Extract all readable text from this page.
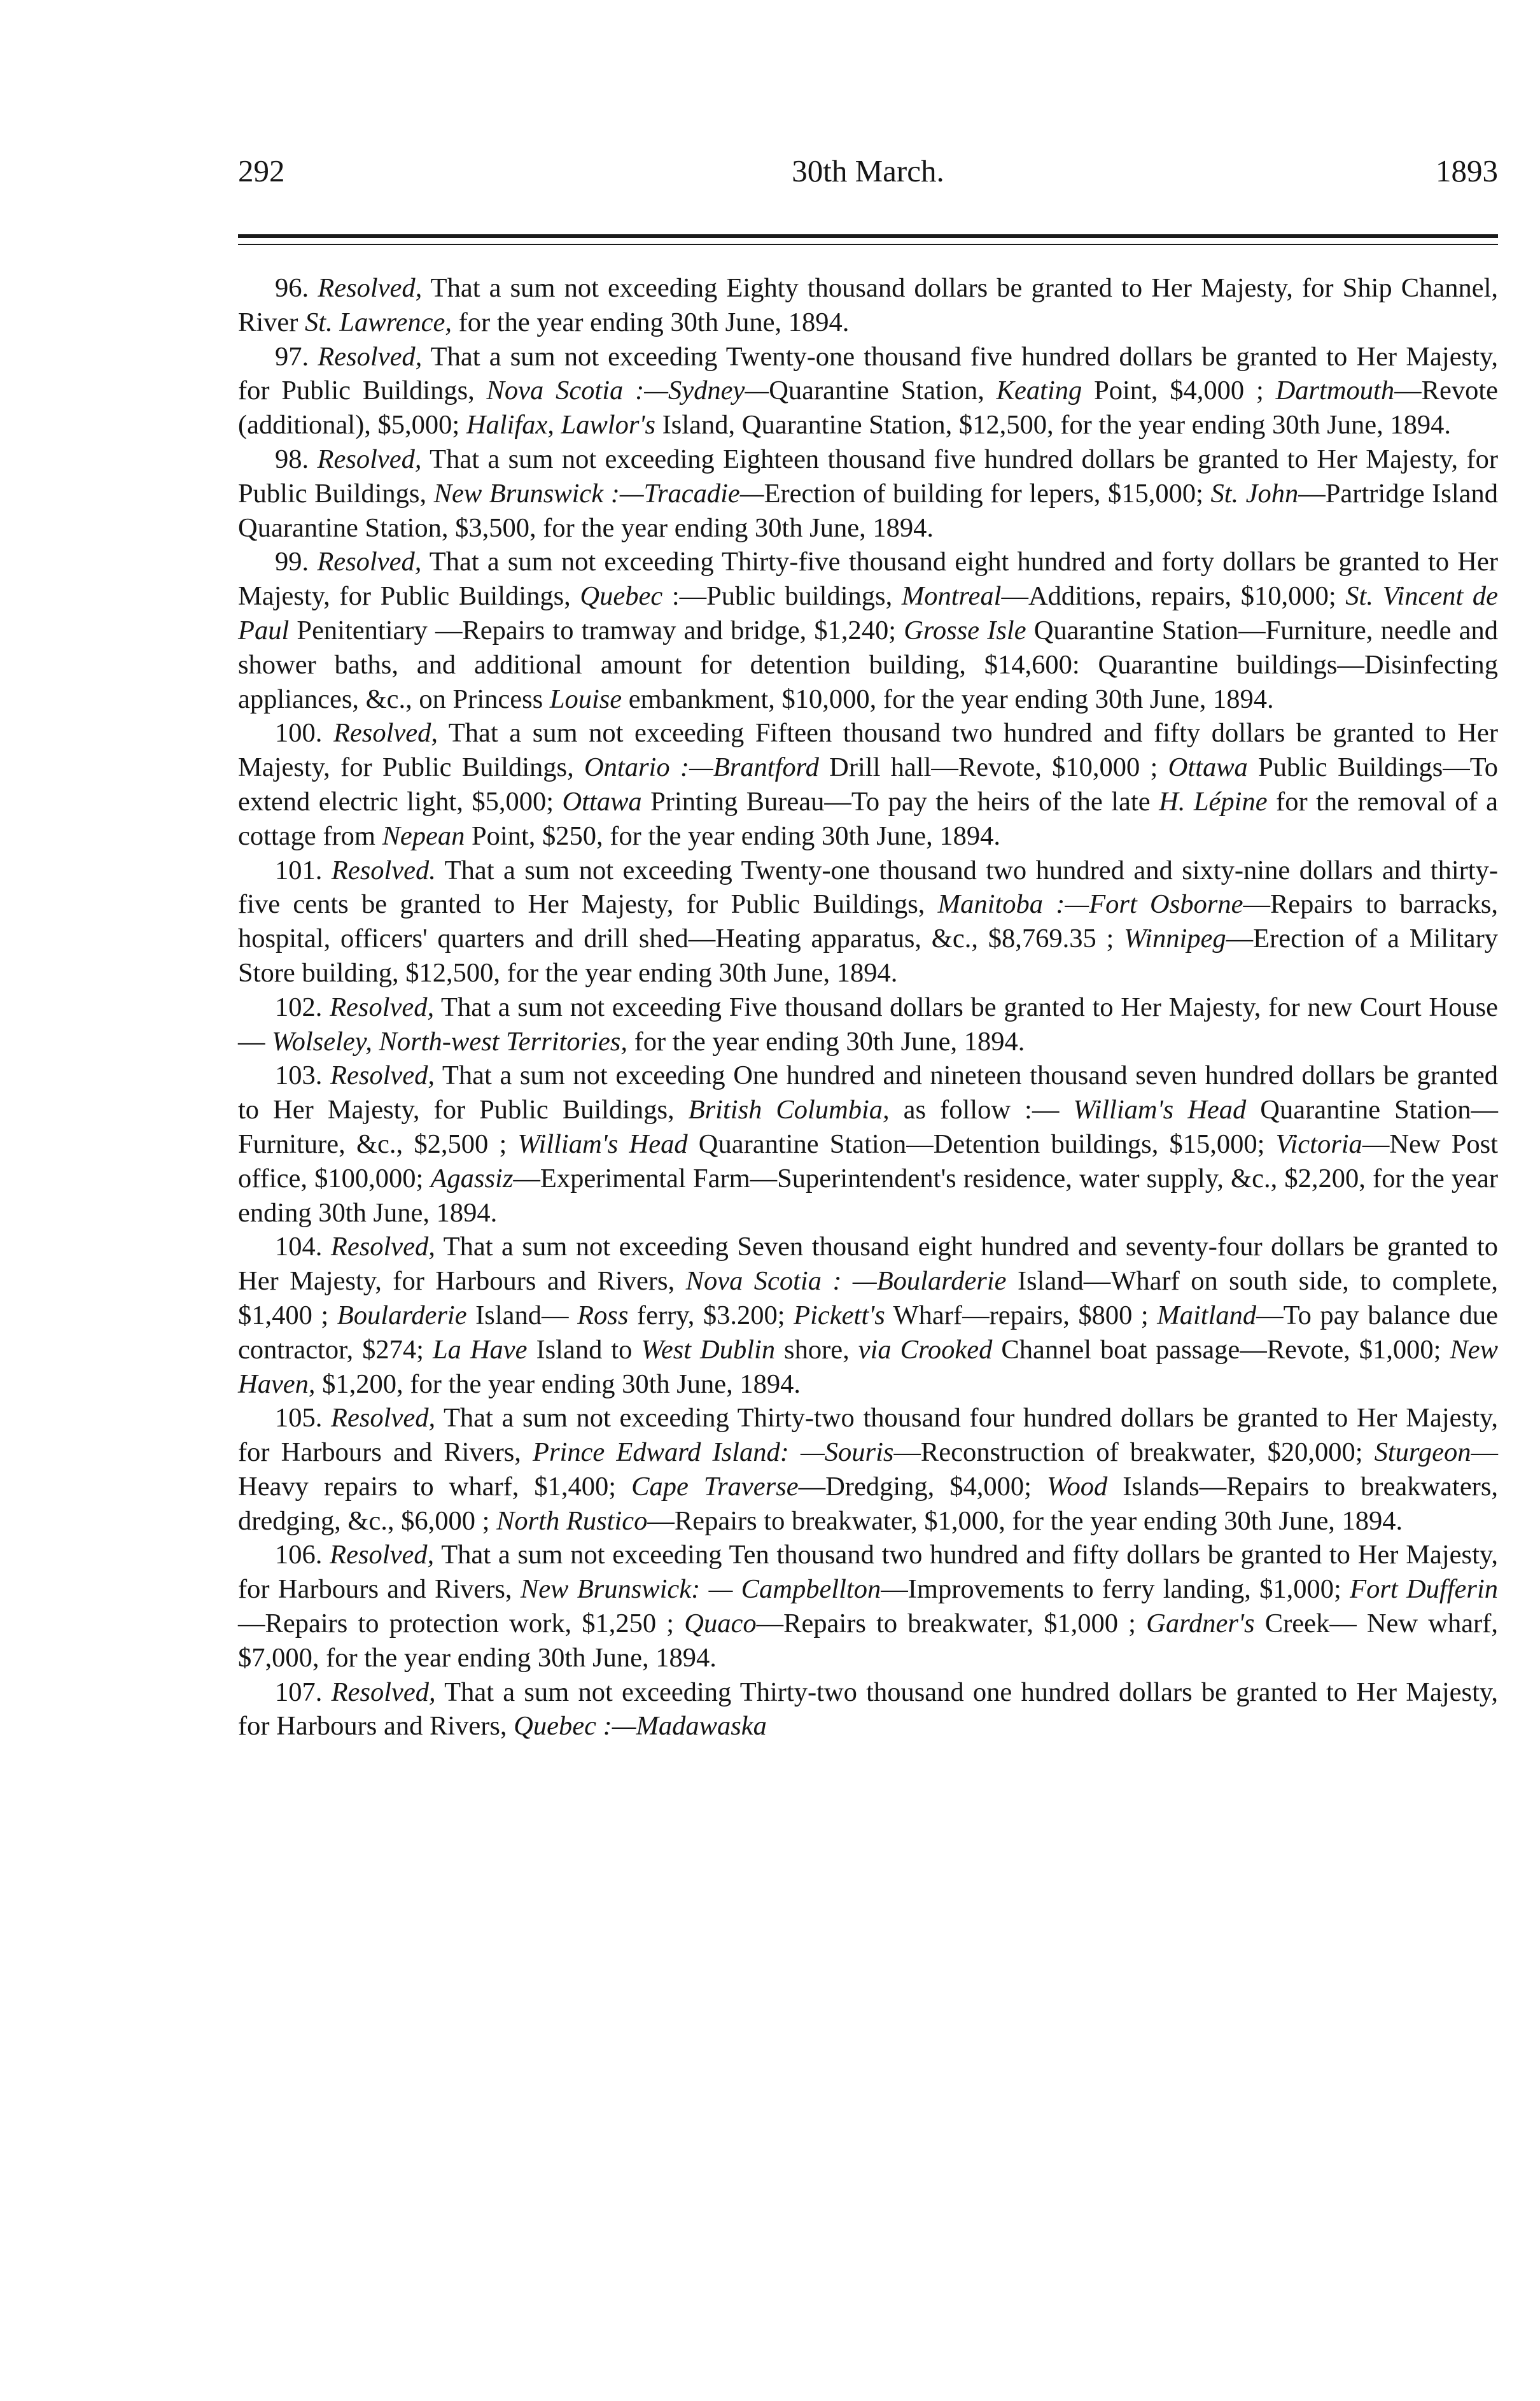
292	30th March.	1893

96. Resolved, That a sum not exceeding Eighty thousand dollars be granted to Her Majesty, for Ship Channel, River St. Lawrence, for the year ending 30th June, 1894.

97. Resolved, That a sum not exceeding Twenty-one thousand five hundred dollars be granted to Her Majesty, for Public Buildings, Nova Scotia :—Sydney—Quarantine Station, Keating Point, $4,000 ; Dartmouth—Revote (additional), $5,000; Halifax, Lawlor's Island, Quarantine Station, $12,500, for the year ending 30th June, 1894.

98. Resolved, That a sum not exceeding Eighteen thousand five hundred dollars be granted to Her Majesty, for Public Buildings, New Brunswick :—Tracadie—Erection of building for lepers, $15,000; St. John—Partridge Island Quarantine Station, $3,500, for the year ending 30th June, 1894.

99. Resolved, That a sum not exceeding Thirty-five thousand eight hundred and forty dollars be granted to Her Majesty, for Public Buildings, Quebec :—Public buildings, Montreal—Additions, repairs, $10,000; St. Vincent de Paul Penitentiary —Repairs to tramway and bridge, $1,240; Grosse Isle Quarantine Station—Furniture, needle and shower baths, and additional amount for detention building, $14,600: Quarantine buildings—Disinfecting appliances, &c., on Princess Louise embankment, $10,000, for the year ending 30th June, 1894.

100. Resolved, That a sum not exceeding Fifteen thousand two hundred and fifty dollars be granted to Her Majesty, for Public Buildings, Ontario :—Brantford Drill hall—Revote, $10,000 ; Ottawa Public Buildings—To extend electric light, $5,000; Ottawa Printing Bureau—To pay the heirs of the late H. Lépine for the removal of a cottage from Nepean Point, $250, for the year ending 30th June, 1894.

101. Resolved. That a sum not exceeding Twenty-one thousand two hundred and sixty-nine dollars and thirty-five cents be granted to Her Majesty, for Public Buildings, Manitoba :—Fort Osborne—Repairs to barracks, hospital, officers' quarters and drill shed—Heating apparatus, &c., $8,769.35 ; Winnipeg—Erection of a Military Store building, $12,500, for the year ending 30th June, 1894.

102. Resolved, That a sum not exceeding Five thousand dollars be granted to Her Majesty, for new Court House— Wolseley, North-west Territories, for the year ending 30th June, 1894.

103. Resolved, That a sum not exceeding One hundred and nineteen thousand seven hundred dollars be granted to Her Majesty, for Public Buildings, British Columbia, as follow :— William's Head Quarantine Station—Furniture, &c., $2,500 ; William's Head Quarantine Station—Detention buildings, $15,000; Victoria—New Post office, $100,000; Agassiz—Experimental Farm—Superintendent's residence, water supply, &c., $2,200, for the year ending 30th June, 1894.

104. Resolved, That a sum not exceeding Seven thousand eight hundred and seventy-four dollars be granted to Her Majesty, for Harbours and Rivers, Nova Scotia : —Boularderie Island—Wharf on south side, to complete, $1,400 ; Boularderie Island— Ross ferry, $3.200; Pickett's Wharf—repairs, $800 ; Maitland—To pay balance due contractor, $274; La Have Island to West Dublin shore, via Crooked Channel boat passage—Revote, $1,000; New Haven, $1,200, for the year ending 30th June, 1894.

105. Resolved, That a sum not exceeding Thirty-two thousand four hundred dollars be granted to Her Majesty, for Harbours and Rivers, Prince Edward Island: —Souris—Reconstruction of breakwater, $20,000; Sturgeon—Heavy repairs to wharf, $1,400; Cape Traverse—Dredging, $4,000; Wood Islands—Repairs to breakwaters, dredging, &c., $6,000 ; North Rustico—Repairs to breakwater, $1,000, for the year ending 30th June, 1894.

106. Resolved, That a sum not exceeding Ten thousand two hundred and fifty dollars be granted to Her Majesty, for Harbours and Rivers, New Brunswick: — Campbellton—Improvements to ferry landing, $1,000; Fort Dufferin—Repairs to protection work, $1,250 ; Quaco—Repairs to breakwater, $1,000 ; Gardner's Creek— New wharf, $7,000, for the year ending 30th June, 1894.

107. Resolved, That a sum not exceeding Thirty-two thousand one hundred dollars be granted to Her Majesty, for Harbours and Rivers, Quebec :—Madawaska
